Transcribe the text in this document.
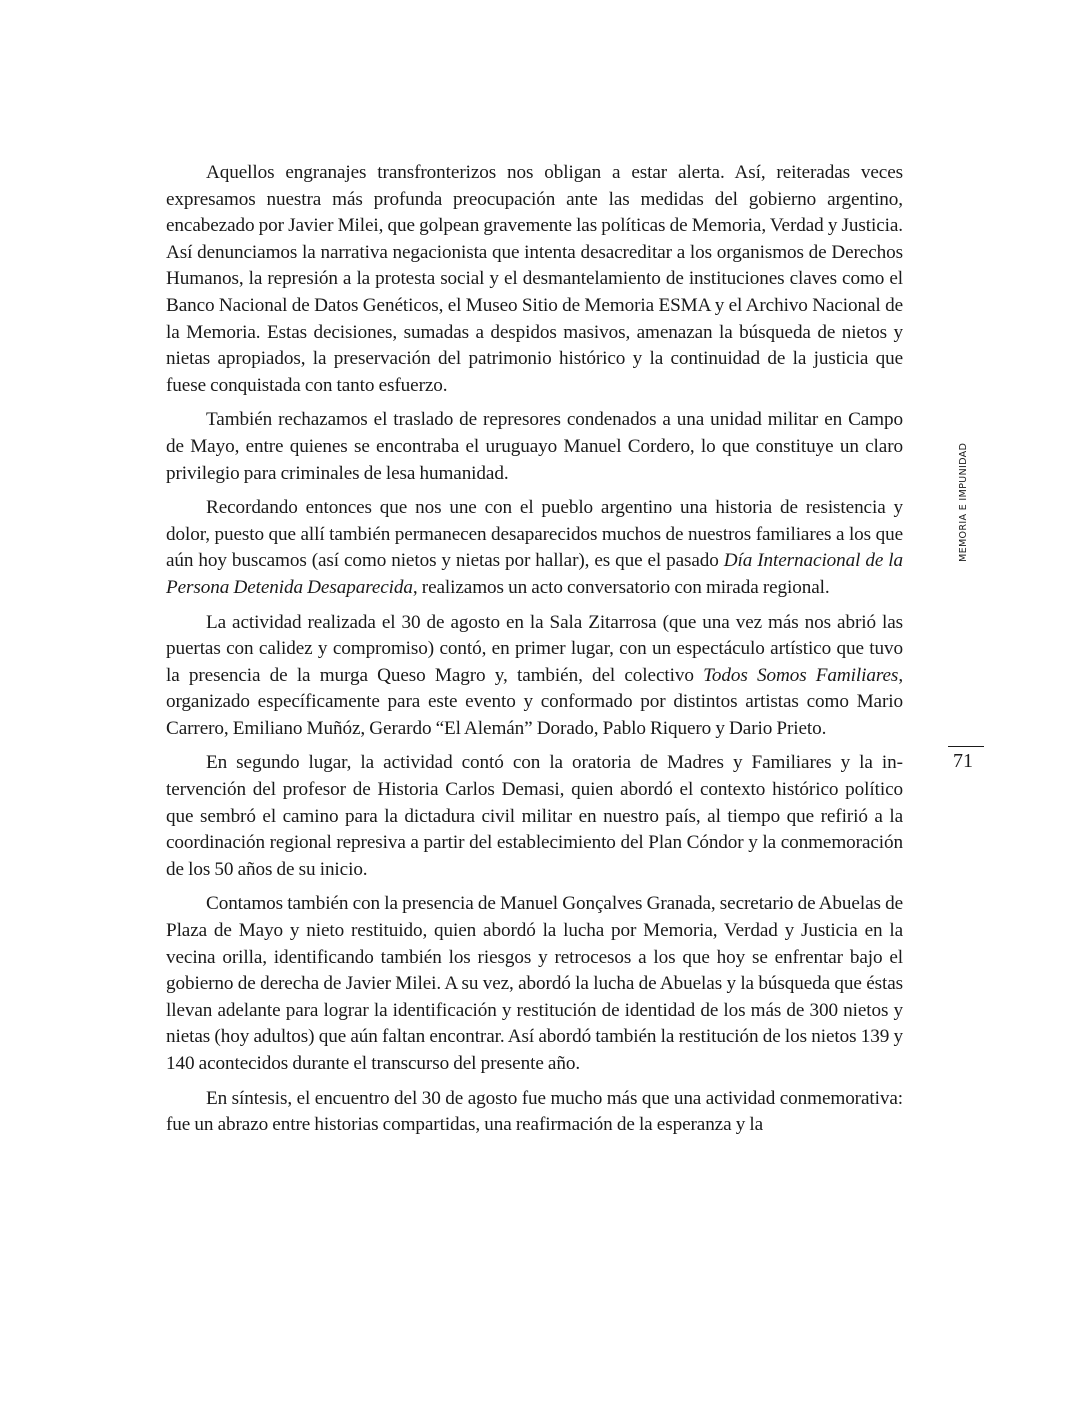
Aquellos engranajes transfronterizos nos obligan a estar alerta. Así, reiteradas veces expresamos nuestra más profunda preocupación ante las medidas del gobierno argentino, encabezado por Javier Milei, que golpean gravemente las políticas de Memoria, Verdad y Justicia. Así denunciamos la narrativa negacionista que intenta desacreditar a los organismos de Derechos Humanos, la represión a la protesta social y el desmantelamiento de instituciones claves como el Banco Nacional de Datos Genéticos, el Museo Sitio de Memoria ESMA y el Archivo Nacional de la Memoria. Estas decisiones, sumadas a despidos masivos, amenazan la búsqueda de nietos y nietas apropiados, la preservación del patrimonio histórico y la continuidad de la justicia que fuese conquistada con tanto esfuerzo.

También rechazamos el traslado de represores condenados a una unidad militar en Campo de Mayo, entre quienes se encontraba el uruguayo Manuel Cordero, lo que constituye un claro privilegio para criminales de lesa humanidad.

Recordando entonces que nos une con el pueblo argentino una historia de resistencia y dolor, puesto que allí también permanecen desaparecidos muchos de nuestros familiares a los que aún hoy buscamos (así como nietos y nietas por hallar), es que el pasado Día Internacional de la Persona Detenida Desaparecida, realizamos un acto conversatorio con mirada regional.

La actividad realizada el 30 de agosto en la Sala Zitarrosa (que una vez más nos abrió las puertas con calidez y compromiso) contó, en primer lugar, con un espectáculo artístico que tuvo la presencia de la murga Queso Magro y, también, del colectivo Todos Somos Familiares, organizado específicamente para este evento y conformado por distintos artistas como Mario Carrero, Emiliano Muñóz, Gerardo “El Alemán” Dorado, Pablo Riquero y Dario Prieto.

En segundo lugar, la actividad contó con la oratoria de Madres y Familiares y la intervención del profesor de Historia Carlos Demasi, quien abordó el contexto histórico político que sembró el camino para la dictadura civil militar en nuestro país, al tiempo que refirió a la coordinación regional represiva a partir del establecimiento del Plan Cóndor y la conmemoración de los 50 años de su inicio.

Contamos también con la presencia de Manuel Gonçalves Granada, secretario de Abuelas de Plaza de Mayo y nieto restituido, quien abordó la lucha por Memoria, Verdad y Justicia en la vecina orilla, identificando también los riesgos y retrocesos a los que hoy se enfrentar bajo el gobierno de derecha de Javier Milei. A su vez, abordó la lucha de Abuelas y la búsqueda que éstas llevan adelante para lograr la identificación y restitución de identidad de los más de 300 nietos y nietas (hoy adultos) que aún faltan encontrar. Así abordó también la restitución de los nietos 139 y 140 acontecidos durante el transcurso del presente año.

En síntesis, el encuentro del 30 de agosto fue mucho más que una actividad conmemorativa: fue un abrazo entre historias compartidas, una reafirmación de la esperanza y la

MEMORIA E IMPUNIDAD
71
